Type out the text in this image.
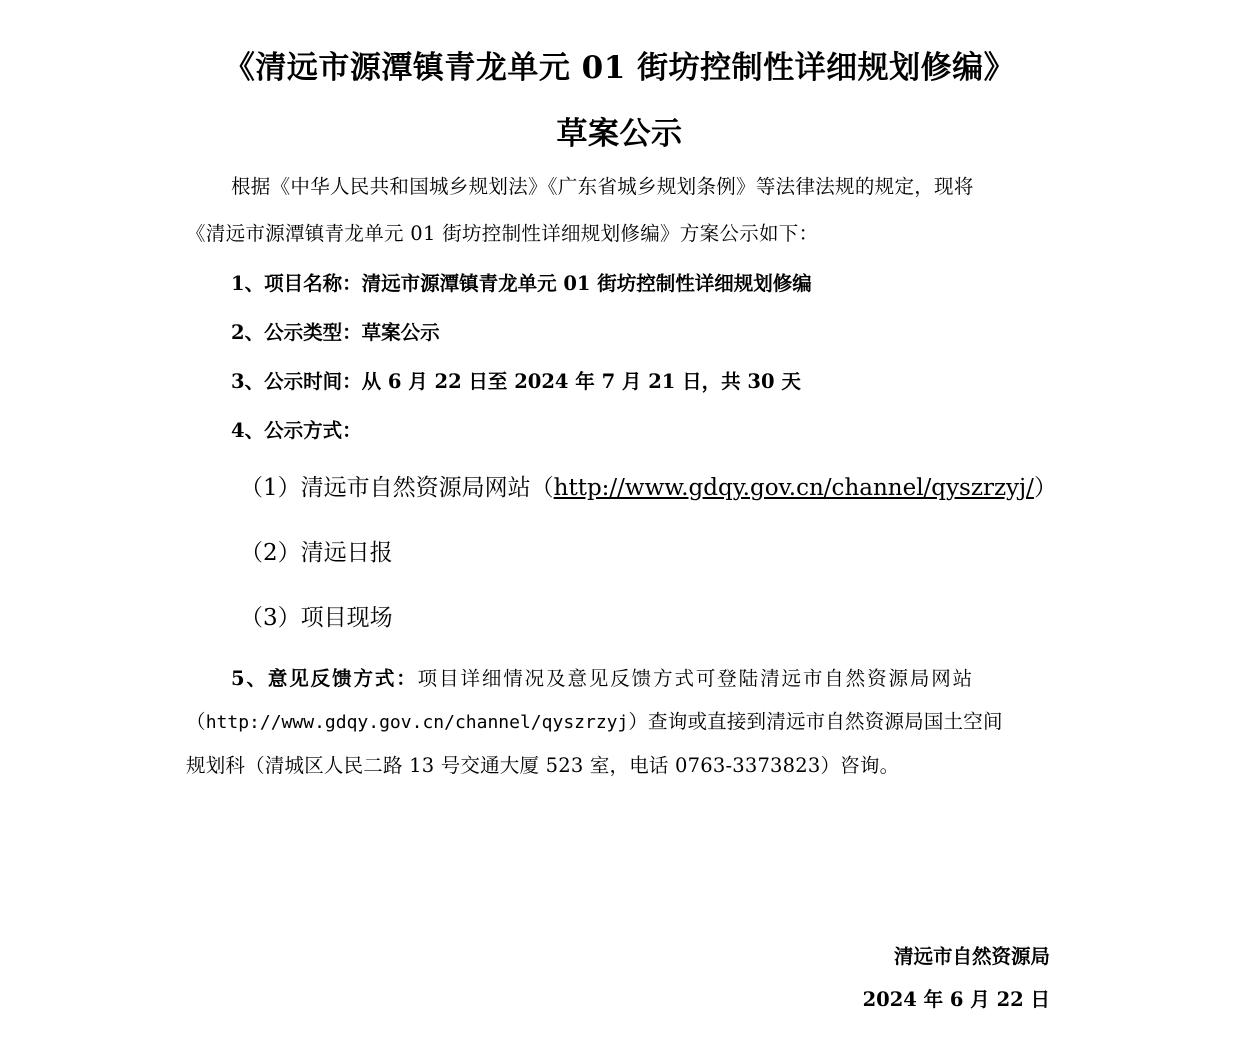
《清远市源潭镇青龙单元 01 街坊控制性详细规划修编》
草案公示
根据《中华人民共和国城乡规划法》《广东省城乡规划条例》等法律法规的规定，现将
《清远市源潭镇青龙单元 01 街坊控制性详细规划修编》方案公示如下：
1、项目名称：清远市源潭镇青龙单元 01 街坊控制性详细规划修编
2、公示类型：草案公示
3、公示时间：从 6 月 22 日至 2024 年 7 月 21 日，共 30 天
4、公示方式：
（1）清远市自然资源局网站（http://www.gdqy.gov.cn/channel/qyszrzyj/）
（2）清远日报
（3）项目现场
5、意见反馈方式：项目详细情况及意见反馈方式可登陆清远市自然资源局网站
（http://www.gdqy.gov.cn/channel/qyszrzyj）查询或直接到清远市自然资源局国土空间
规划科（清城区人民二路 13 号交通大厦 523 室，电话 0763-3373823）咨询。
清远市自然资源局
2024 年 6 月 22 日
